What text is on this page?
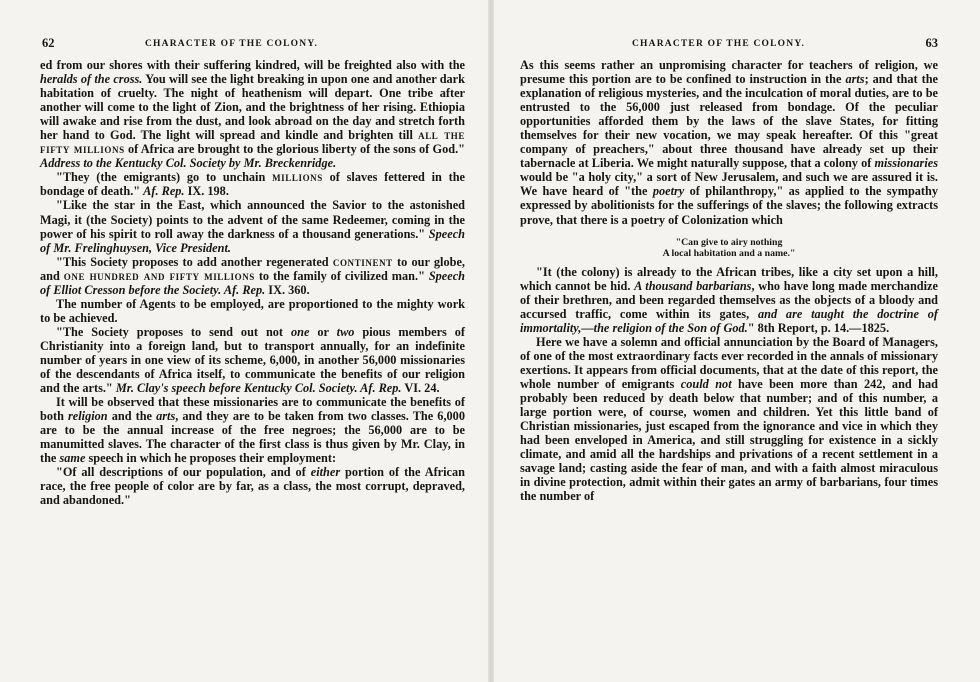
62	CHARACTER OF THE COLONY.

ed from our shores with their suffering kindred, will be freighted also with the heralds of the cross. You will see the light breaking in upon one and another dark habitation of cruelty. The night of heathenism will depart. One tribe after another will come to the light of Zion, and the brightness of her rising. Ethiopia will awake and rise from the dust, and look abroad on the day and stretch forth her hand to God. The light will spread and kindle and brighten till all the fifty millions of Africa are brought to the glorious liberty of the sons of God." Address to the Kentucky Col. Society by Mr. Breckenridge.

"They (the emigrants) go to unchain millions of slaves fettered in the bondage of death." Af. Rep. IX. 198.

"Like the star in the East, which announced the Savior to the astonished Magi, it (the Society) points to the advent of the same Redeemer, coming in the power of his spirit to roll away the darkness of a thousand generations." Speech of Mr. Frelinghuysen, Vice President.

"This Society proposes to add another regenerated continent to our globe, and one hundred and fifty millions to the family of civilized man." Speech of Elliot Cresson before the Society. Af. Rep. IX. 360.

The number of Agents to be employed, are proportioned to the mighty work to be achieved.

"The Society proposes to send out not one or two pious members of Christianity into a foreign land, but to transport annually, for an indefinite number of years in one view of its scheme, 6,000, in another 56,000 missionaries of the descendants of Africa itself, to communicate the benefits of our religion and the arts." Mr. Clay's speech before Kentucky Col. Society. Af. Rep. VI. 24.

It will be observed that these missionaries are to communicate the benefits of both religion and the arts, and they are to be taken from two classes. The 6,000 are to be the annual increase of the free negroes; the 56,000 are to be manumitted slaves. The character of the first class is thus given by Mr. Clay, in the same speech in which he proposes their employment:

"Of all descriptions of our population, and of either portion of the African race, the free people of color are by far, as a class, the most corrupt, depraved, and abandoned."

CHARACTER OF THE COLONY.	63

As this seems rather an unpromising character for teachers of religion, we presume this portion are to be confined to instruction in the arts; and that the explanation of religious mysteries, and the inculcation of moral duties, are to be entrusted to the 56,000 just released from bondage. Of the peculiar opportunities afforded them by the laws of the slave States, for fitting themselves for their new vocation, we may speak hereafter. Of this "great company of preachers," about three thousand have already set up their tabernacle at Liberia. We might naturally suppose, that a colony of missionaries would be "a holy city," a sort of New Jerusalem, and such we are assured it is. We have heard of "the poetry of philanthropy," as applied to the sympathy expressed by abolitionists for the sufferings of the slaves; the following extracts prove, that there is a poetry of Colonization which

"Can give to airy nothing
A local habitation and a name."

"It (the colony) is already to the African tribes, like a city set upon a hill, which cannot be hid. A thousand barbarians, who have long made merchandize of their brethren, and been regarded themselves as the objects of a bloody and accursed traffic, come within its gates, and are taught the doctrine of immortality,—the religion of the Son of God." 8th Report, p. 14.—1825.

Here we have a solemn and official annunciation by the Board of Managers, of one of the most extraordinary facts ever recorded in the annals of missionary exertions. It appears from official documents, that at the date of this report, the whole number of emigrants could not have been more than 242, and had probably been reduced by death below that number; and of this number, a large portion were, of course, women and children. Yet this little band of Christian missionaries, just escaped from the ignorance and vice in which they had been enveloped in America, and still struggling for existence in a sickly climate, and amid all the hardships and privations of a recent settlement in a savage land; casting aside the fear of man, and with a faith almost miraculous in divine protection, admit within their gates an army of barbarians, four times the number of
